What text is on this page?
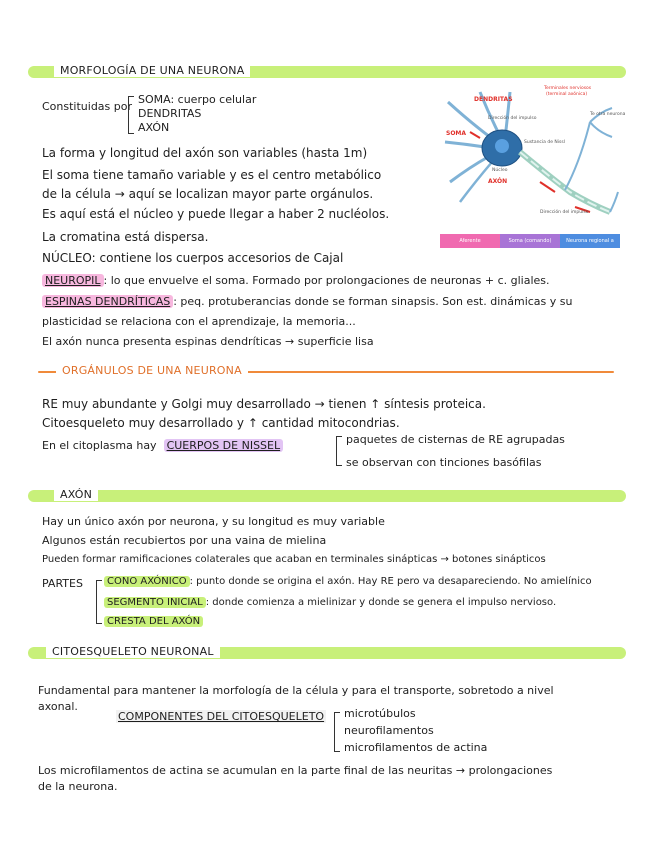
MORFOLOGÍA DE UNA NEURONA
Constituidas por
SOMA: cuerpo celular
DENDRITAS
AXÓN
La forma y longitud del axón son variables (hasta 1m)
El soma tiene tamaño variable y es el centro metabólico
de la célula → aquí se localizan mayor parte orgánulos.
Es aquí está el núcleo y puede llegar a haber 2 nucléolos.
La cromatina está dispersa.
NÚCLEO: contiene los cuerpos accesorios de Cajal
NEUROPIL : lo que envuelve el soma. Formado por prolongaciones de neuronas + c. gliales.
ESPINAS DENDRÍTICAS : peq. protuberancias donde se forman sinapsis. Son est. dinámicas y su
plasticidad se relaciona con el aprendizaje, la memoria...
El axón nunca presenta espinas dendríticas → superficie lisa
DENDRITAS
Terminales nerviosos
(terminal axónica)
SOMA
AXÓN
Dirección del impulso
Núcleo
Sustancia de Nissl
Dirección del impulso
Te otra neurona
Aferente	Soma (comando)	Neurona regional a célula neurona
ORGÁNULOS DE UNA NEURONA
RE muy abundante y Golgi muy desarrollado → tienen ↑ síntesis proteica.
Citoesqueleto muy desarrollado y ↑ cantidad mitocondrias.
En el citoplasma hay CUERPOS DE NISSEL	paquetes de cisternas de RE agrupadas
se observan con tinciones basófilas
AXÓN
Hay un único axón por neurona, y su longitud es muy variable
Algunos están recubiertos por una vaina de mielina
Pueden formar ramificaciones colaterales que acaban en terminales sinápticas → botones sinápticos
PARTES	CONO AXÓNICO : punto donde se origina el axón. Hay RE pero va desapareciendo. No amielínico
SEGMENTO INICIAL : donde comienza a mielinizar y donde se genera el impulso nervioso.
CRESTA DEL AXÓN
CITOESQUELETO NEURONAL
Fundamental para mantener la morfología de la célula y para el transporte, sobretodo a nivel
axonal.
COMPONENTES DEL CITOESQUELETO microtúbulos
neurofilamentos
microfilamentos de actina
Los microfilamentos de actina se acumulan en la parte final de las neuritas → prolongaciones
de la neurona.
